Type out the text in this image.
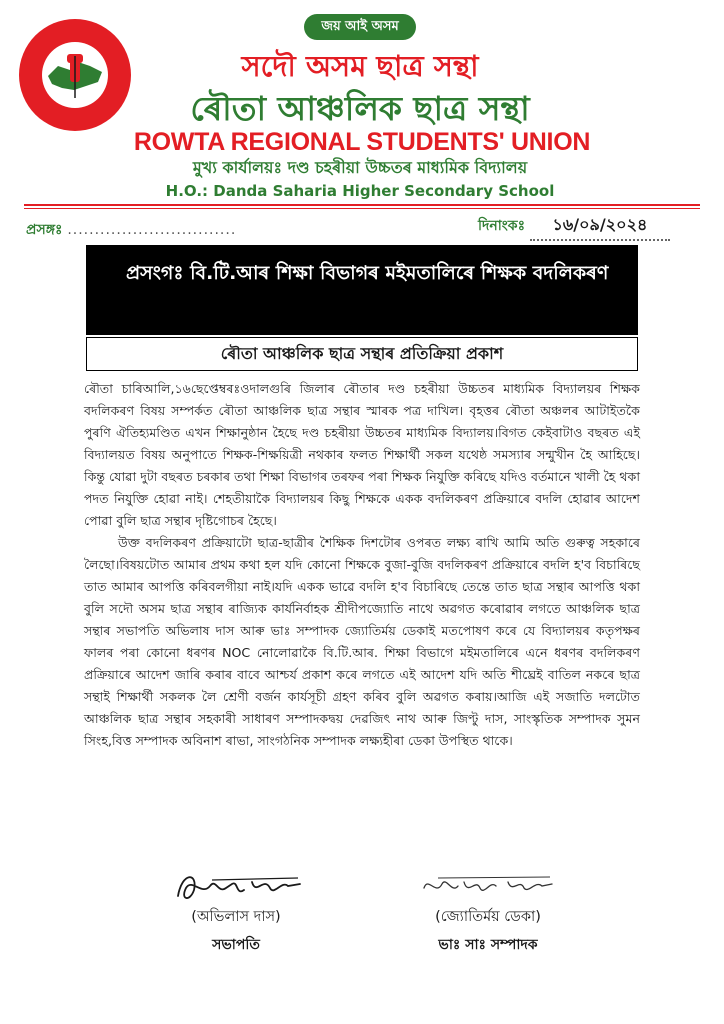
জয় আই অসম
সদৌ অসম ছাত্র সন্থা
ৰৌতা আঞ্চলিক ছাত্র সন্থা
ROWTA REGIONAL STUDENTS' UNION
মুখ্য কার্যালয়ঃ দণ্ড চহৰীয়া উচ্চতৰ মাধ্যমিক বিদ্যালয়
H.O.: Danda Saharia Higher Secondary School
প্ৰসঙ্গঃ ...............................	দিনাংকঃ ১৬/০৯/২০২৪
প্ৰসংগঃ বি.টি.আৰ শিক্ষা বিভাগৰ মইমতালিৰে শিক্ষক বদলিকৰণ
ৰৌতা আঞ্চলিক ছাত্র সন্থাৰ প্ৰতিক্ৰিয়া প্ৰকাশ

ৰৌতা চাৰিআলি,১৬ছেপ্তেম্বৰঃওদালগুৰি জিলাৰ ৰৌতাৰ দণ্ড চহৰীয়া উচ্চতৰ মাধ্যমিক বিদ্যালয়ৰ শিক্ষক বদলিকৰণ বিষয় সম্পৰ্কত ৰৌতা আঞ্চলিক ছাত্র সন্থাৰ স্মাৰক পত্ৰ দাখিল। বৃহত্তৰ ৰৌতা অঞ্চলৰ আটাইতকৈ পুৰণি ঐতিহ্যমণ্ডিত এখন শিক্ষানুষ্ঠান হৈছে দণ্ড চহৰীয়া উচ্চতৰ মাধ্যমিক বিদ্যালয়।বিগত কেইবাটাও বছৰত এই বিদ্যালয়ত বিষয় অনুপাতে শিক্ষক-শিক্ষয়িত্ৰী নথকাৰ ফলত শিক্ষাৰ্থী সকল যথেষ্ঠ সমস্যাৰ সন্মুখীন হৈ আহিছে। কিন্তু যোৱা দুটা বছৰত চৰকাৰ তথা শিক্ষা বিভাগৰ তৰফৰ পৰা শিক্ষক নিযুক্তি কৰিছে যদিও বৰ্তমানে খালী হৈ থকা পদত নিযুক্তি হোৱা নাই। শেহতীয়াকৈ বিদ্যালয়ৰ কিছু শিক্ষকে একক বদলিকৰণ প্ৰক্ৰিয়াৰে বদলি হোৱাৰ আদেশ পোৱা বুলি ছাত্ৰ সন্থাৰ দৃষ্টিগোচৰ হৈছে।

উক্ত বদলিকৰণ প্ৰক্ৰিয়াটো ছাত্ৰ-ছাত্ৰীৰ শৈক্ষিক দিশটোৰ ওপৰত লক্ষ্য ৰাখি আমি অতি গুৰুত্ব সহকাৰে লৈছো।বিষয়টোত আমাৰ প্ৰথম কথা হল যদি কোনো শিক্ষকে বুজা-বুজি বদলিকৰণ প্ৰক্ৰিয়াৰে বদলি হ'ব বিচাৰিছে তাত আমাৰ আপত্তি কৰিবলগীয়া নাই।যদি একক ভাৱে বদলি হ'ব বিচাৰিছে তেন্তে তাত ছাত্র সন্থাৰ আপত্তি থকা বুলি সদৌ অসম ছাত্র সন্থাৰ ৰাজ্যিক কাৰ্যনিৰ্বাহক শ্ৰীদীপজ্যোতি নাথে অৱগত কৰোৱাৰ লগতে আঞ্চলিক ছাত্র সন্থাৰ সভাপতি অভিলাষ দাস আৰু ভাঃ সম্পাদক জ্যোতিৰ্ময় ডেকাই মতপোষণ কৰে যে বিদ্যালয়ৰ কতৃপক্ষৰ ফালৰ পৰা কোনো ধৰণৰ NOC নোলোৱাকৈ বি.টি.আৰ. শিক্ষা বিভাগে মইমতালিৰে এনে ধৰণৰ বদলিকৰণ প্ৰক্ৰিয়াৰে আদেশ জাৰি কৰাৰ বাবে আশ্চৰ্য প্ৰকাশ কৰে লগতে এই আদেশ যদি অতি শীঘ্ৰেই বাতিল নকৰে ছাত্র সন্থাই শিক্ষাৰ্থী সকলক লৈ শ্ৰেণী বৰ্জন কাৰ্যসূচী গ্ৰহণ কৰিব বুলি অৱগত কৰায়।আজি এই সজাতি দলটোত আঞ্চলিক ছাত্র সন্থাৰ সহকাৰী সাধাৰণ সম্পাদকদ্বয় দেৱজিৎ নাথ আৰু জিণ্টু দাস, সাংস্কৃতিক সম্পাদক সুমন সিংহ,বিত্ত সম্পাদক অবিনাশ ৰাভা, সাংগঠনিক সম্পাদক লক্ষ্যহীৰা ডেকা উপস্থিত থাকে।

(অভিলাস দাস)
সভাপতি
(জ্যোতিৰ্ময় ডেকা)
ভাঃ সাঃ সম্পাদক
